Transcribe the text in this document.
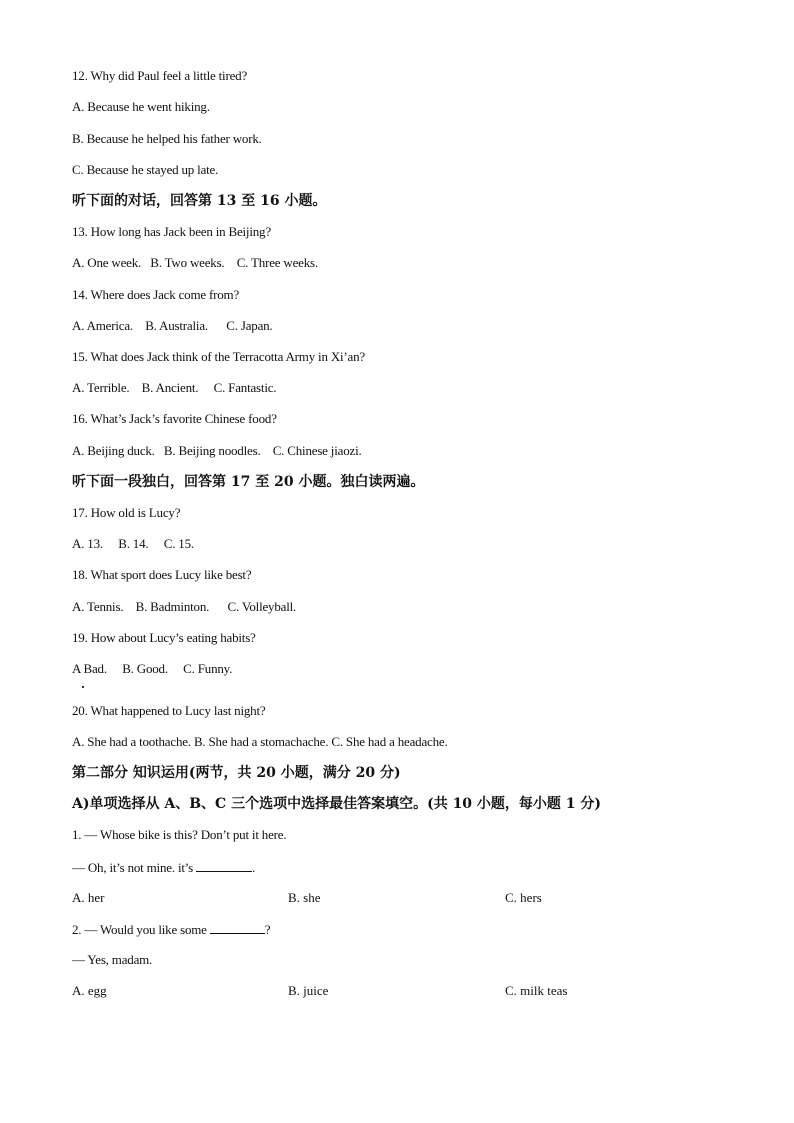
12. Why did Paul feel a little tired?
A. Because he went hiking.
B. Because he helped his father work.
C. Because he stayed up late.
听下面的对话，回答第 13 至 16 小题。
13. How long has Jack been in Beijing?
A. One week. B. Two weeks. C. Three weeks.
14. Where does Jack come from?
A. America. B. Australia. C. Japan.
15. What does Jack think of the Terracotta Army in Xi’an?
A. Terrible. B. Ancient. C. Fantastic.
16. What’s Jack’s favorite Chinese food?
A. Beijing duck. B. Beijing noodles. C. Chinese jiaozi.
听下面一段独白，回答第 17 至 20 小题。独白读两遍。
17. How old is Lucy?
A. 13. B. 14. C. 15.
18. What sport does Lucy like best?
A. Tennis. B. Badminton. C. Volleyball.
19. How about Lucy’s eating habits?
A Bad. B. Good. C. Funny.
20. What happened to Lucy last night?
A. She had a toothache. B. She had a stomachache. C. She had a headache.
第二部分 知识运用(两节，共 20 小题，满分 20 分)
A)单项选择从 A、B、C 三个选项中选择最佳答案填空。(共 10 小题，每小题 1 分)
1. — Whose bike is this? Don’t put it here.
— Oh, it’s not mine. it’s	.
A. her	B. she	C. hers
2. — Would you like some	?
— Yes, madam.
A. egg	B. juice	C. milk teas
